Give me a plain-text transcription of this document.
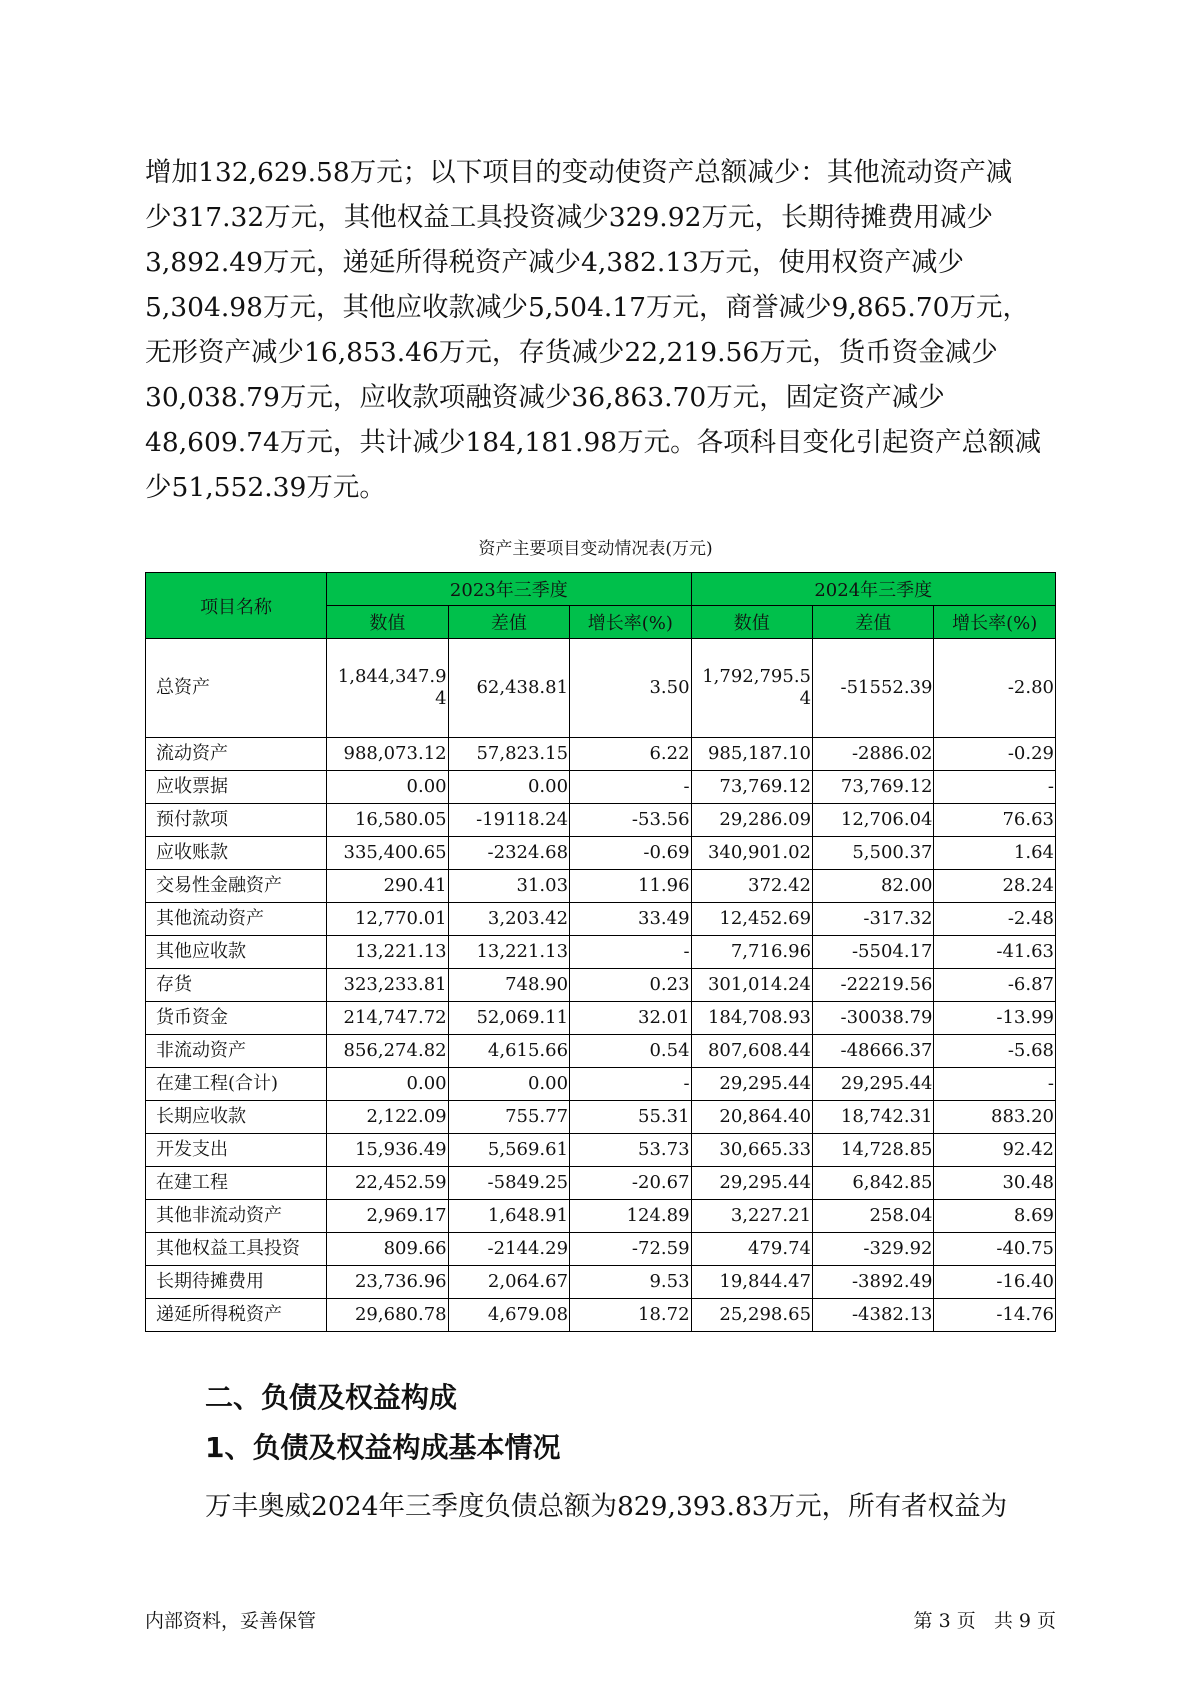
增加132,629.58万元；以下项目的变动使资产总额减少：其他流动资产减

少317.32万元，其他权益工具投资减少329.92万元，长期待摊费用减少

3,892.49万元，递延所得税资产减少4,382.13万元，使用权资产减少

5,304.98万元，其他应收款减少5,504.17万元，商誉减少9,865.70万元，

无形资产减少16,853.46万元，存货减少22,219.56万元，货币资金减少

30,038.79万元，应收款项融资减少36,863.70万元，固定资产减少

48,609.74万元，共计减少184,181.98万元。各项科目变化引起资产总额减

少51,552.39万元。

资产主要项目变动情况表(万元)
项目名称	2023年三季度			2024年三季度		
	数值	差值	增长率(%)	数值	差值	增长率(%)
总资产	1,844,347.94	62,438.81	3.50	1,792,795.54	-51552.39	-2.80
流动资产	988,073.12	57,823.15	6.22	985,187.10	-2886.02	-0.29
应收票据	0.00	0.00	-	73,769.12	73,769.12	-
预付款项	16,580.05	-19118.24	-53.56	29,286.09	12,706.04	76.63
应收账款	335,400.65	-2324.68	-0.69	340,901.02	5,500.37	1.64
交易性金融资产	290.41	31.03	11.96	372.42	82.00	28.24
其他流动资产	12,770.01	3,203.42	33.49	12,452.69	-317.32	-2.48
其他应收款	13,221.13	13,221.13	-	7,716.96	-5504.17	-41.63
存货	323,233.81	748.90	0.23	301,014.24	-22219.56	-6.87
货币资金	214,747.72	52,069.11	32.01	184,708.93	-30038.79	-13.99
非流动资产	856,274.82	4,615.66	0.54	807,608.44	-48666.37	-5.68
在建工程(合计)	0.00	0.00	-	29,295.44	29,295.44	-
长期应收款	2,122.09	755.77	55.31	20,864.40	18,742.31	883.20
开发支出	15,936.49	5,569.61	53.73	30,665.33	14,728.85	92.42
在建工程	22,452.59	-5849.25	-20.67	29,295.44	6,842.85	30.48
其他非流动资产	2,969.17	1,648.91	124.89	3,227.21	258.04	8.69
其他权益工具投资	809.66	-2144.29	-72.59	479.74	-329.92	-40.75
长期待摊费用	23,736.96	2,064.67	9.53	19,844.47	-3892.49	-16.40
递延所得税资产	29,680.78	4,679.08	18.72	25,298.65	-4382.13	-14.76
二、负债及权益构成
1、负债及权益构成基本情况

万丰奥威2024年三季度负债总额为829,393.83万元，所有者权益为

内部资料，妥善保管	第 3 页   共 9 页
